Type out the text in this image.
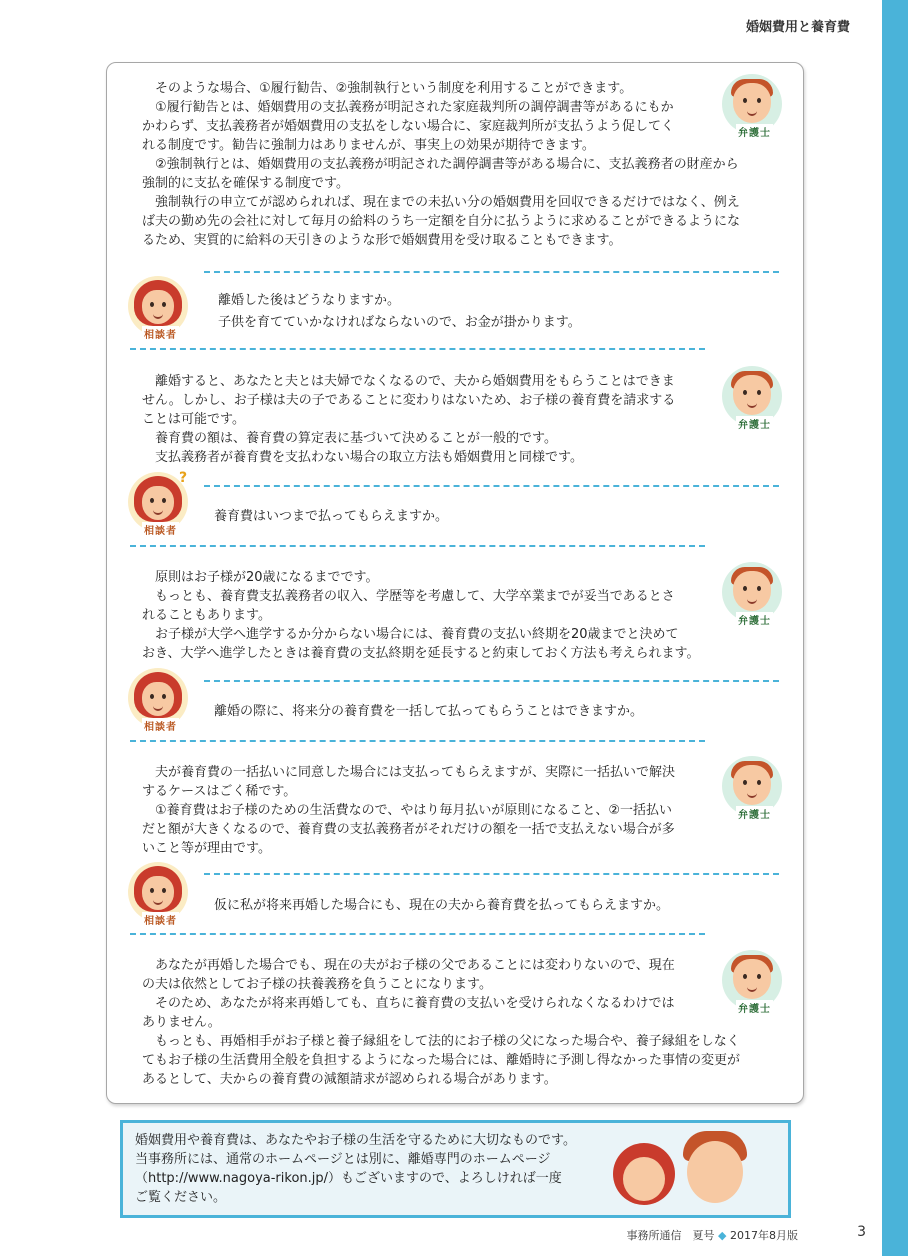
婚姻費用と養育費

　そのような場合、①履行勧告、②強制執行という制度を利用することができます。

　①履行勧告とは、婚姻費用の支払義務が明記された家庭裁判所の調停調書等があるにもか

かわらず、支払義務者が婚姻費用の支払をしない場合に、家庭裁判所が支払うよう促してく

れる制度です。勧告に強制力はありませんが、事実上の効果が期待できます。

　②強制執行とは、婚姻費用の支払義務が明記された調停調書等がある場合に、支払義務者の財産から

強制的に支払を確保する制度です。

　強制執行の申立てが認められれば、現在までの未払い分の婚姻費用を回収できるだけではなく、例え

ば夫の勤め先の会社に対して毎月の給料のうち一定額を自分に払うように求めることができるようにな

るため、実質的に給料の天引きのような形で婚姻費用を受け取ることもできます。

弁護士
相談者

離婚した後はどうなりますか。

子供を育てていかなければならないので、お金が掛かります。

　離婚すると、あなたと夫とは夫婦でなくなるので、夫から婚姻費用をもらうことはできま

せん。しかし、お子様は夫の子であることに変わりはないため、お子様の養育費を請求する

ことは可能です。

　養育費の額は、養育費の算定表に基づいて決めることが一般的です。

　支払義務者が養育費を支払わない場合の取立方法も婚姻費用と同様です。

弁護士
相談者
?

養育費はいつまで払ってもらえますか。

　原則はお子様が20歳になるまでです。

　もっとも、養育費支払義務者の収入、学歴等を考慮して、大学卒業までが妥当であるとさ

れることもあります。

　お子様が大学へ進学するか分からない場合には、養育費の支払い終期を20歳までと決めて

おき、大学へ進学したときは養育費の支払終期を延長すると約束しておく方法も考えられます。

弁護士
相談者

離婚の際に、将来分の養育費を一括して払ってもらうことはできますか。

　夫が養育費の一括払いに同意した場合には支払ってもらえますが、実際に一括払いで解決

するケースはごく稀です。

　①養育費はお子様のための生活費なので、やはり毎月払いが原則になること、②一括払い

だと額が大きくなるので、養育費の支払義務者がそれだけの額を一括で支払えない場合が多

いこと等が理由です。

弁護士
相談者

仮に私が将来再婚した場合にも、現在の夫から養育費を払ってもらえますか。

　あなたが再婚した場合でも、現在の夫がお子様の父であることには変わりないので、現在

の夫は依然としてお子様の扶養義務を負うことになります。

　そのため、あなたが将来再婚しても、直ちに養育費の支払いを受けられなくなるわけでは

ありません。

　もっとも、再婚相手がお子様と養子縁組をして法的にお子様の父になった場合や、養子縁組をしなく

てもお子様の生活費用全般を負担するようになった場合には、離婚時に予測し得なかった事情の変更が

あるとして、夫からの養育費の減額請求が認められる場合があります。

弁護士

婚姻費用や養育費は、あなたやお子様の生活を守るために大切なものです。

当事務所には、通常のホームページとは別に、離婚専門のホームページ

（http://www.nagoya-rikon.jp/）もございますので、よろしければ一度

ご覧ください。

事務所通信　夏号 ◆ 2017年8月版	3
